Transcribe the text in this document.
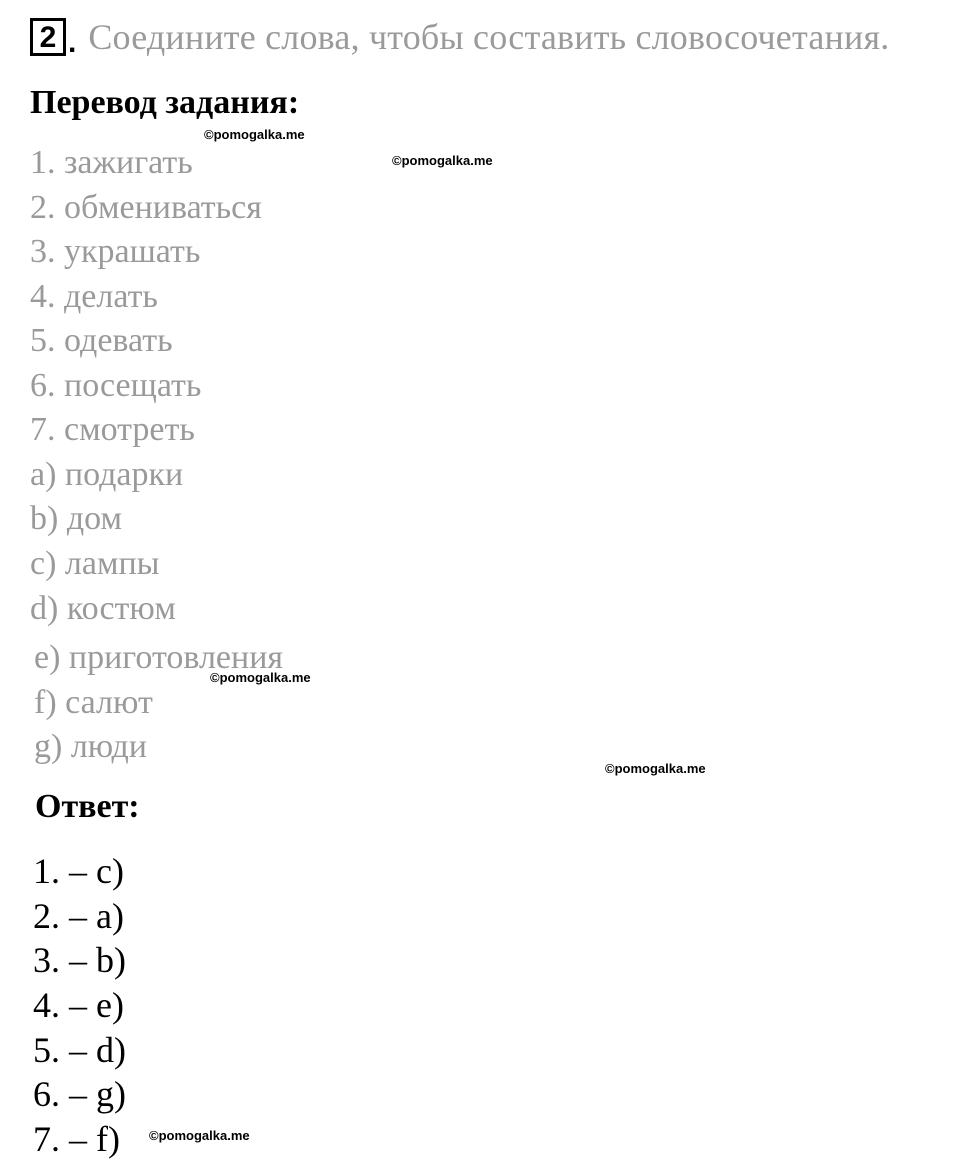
2 . Соедините слова, чтобы составить словосочетания.
Перевод задания:
1. зажигать
2. обмениваться
3. украшать
4. делать
5. одевать
6. посещать
7. смотреть
a) подарки
b) дом
c) лампы
d) костюм
e) приготовления
f) салют
g) люди
Ответ:
1. – c)
2. – a)
3. – b)
4. – e)
5. – d)
6. – g)
7. – f)
©pomogalka.me
©pomogalka.me
©pomogalka.me
©pomogalka.me
©pomogalka.me
